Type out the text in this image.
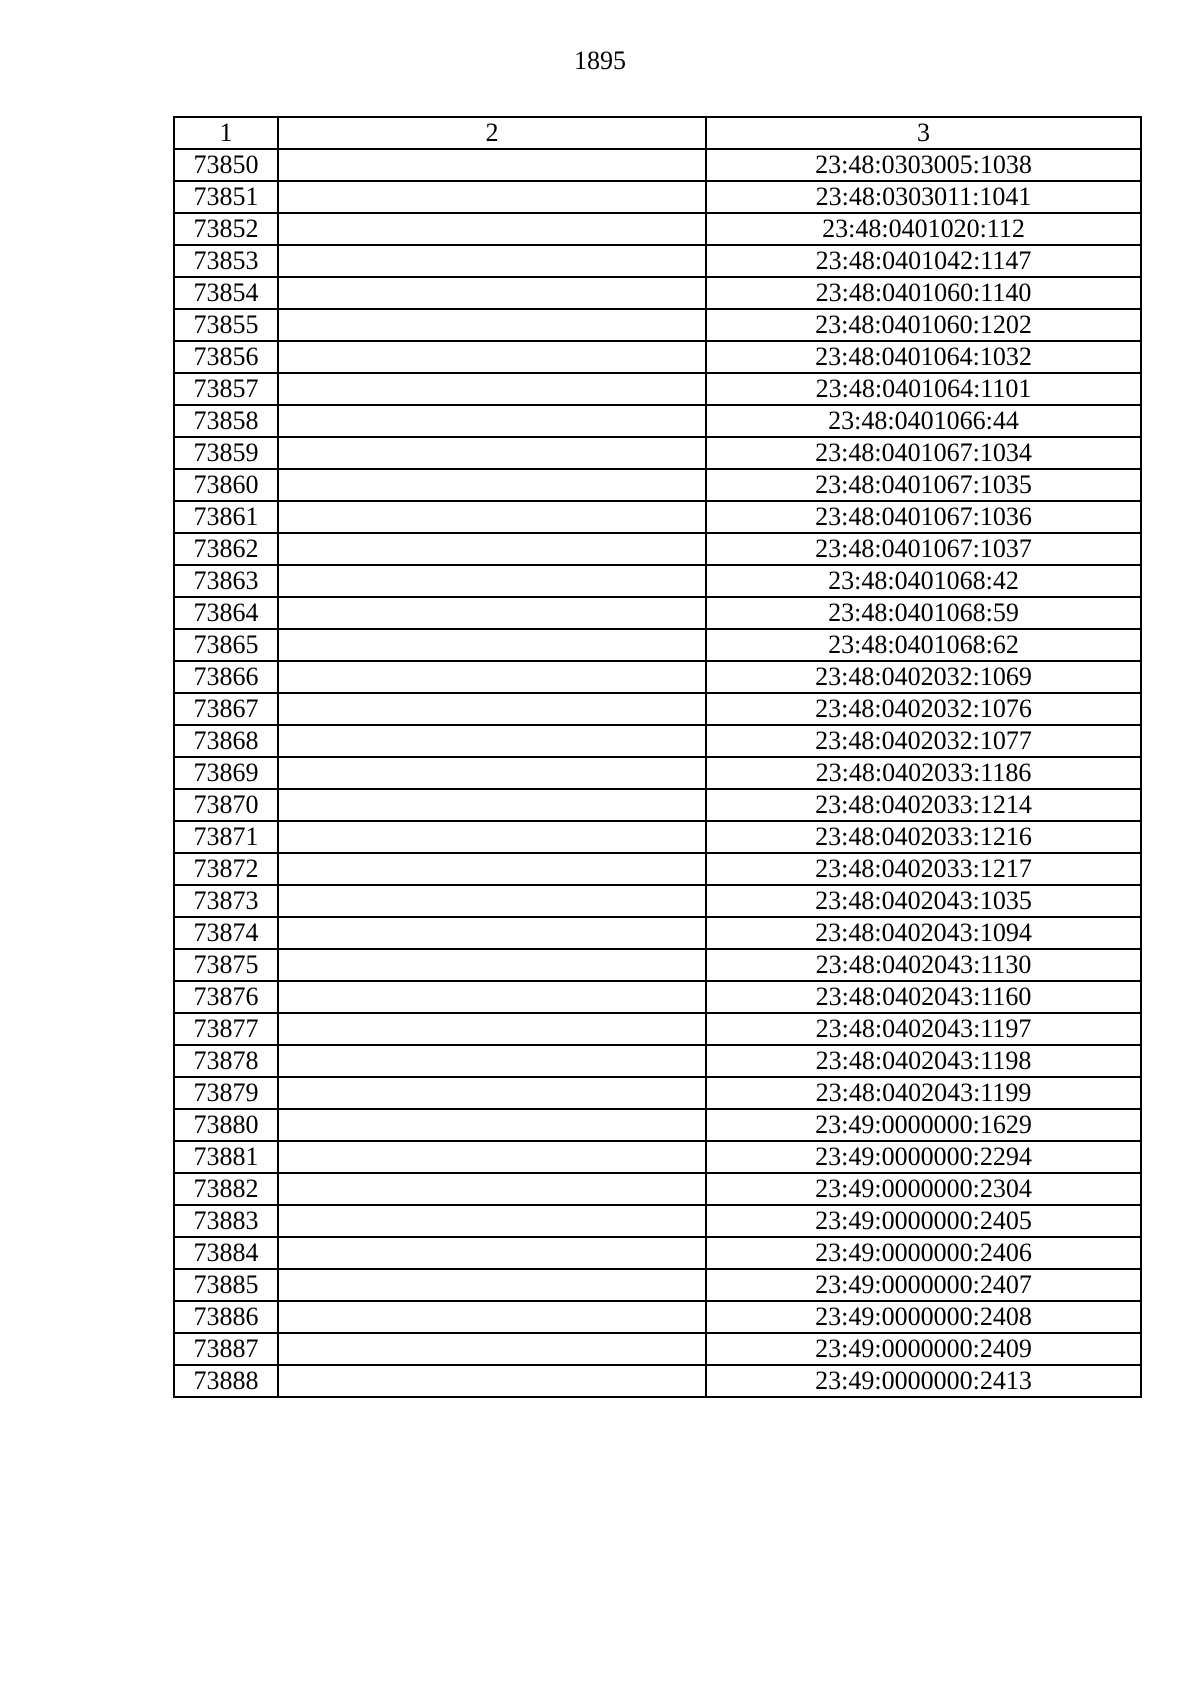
1895
1	2	3
73850		23:48:0303005:1038
73851		23:48:0303011:1041
73852		23:48:0401020:112
73853		23:48:0401042:1147
73854		23:48:0401060:1140
73855		23:48:0401060:1202
73856		23:48:0401064:1032
73857		23:48:0401064:1101
73858		23:48:0401066:44
73859		23:48:0401067:1034
73860		23:48:0401067:1035
73861		23:48:0401067:1036
73862		23:48:0401067:1037
73863		23:48:0401068:42
73864		23:48:0401068:59
73865		23:48:0401068:62
73866		23:48:0402032:1069
73867		23:48:0402032:1076
73868		23:48:0402032:1077
73869		23:48:0402033:1186
73870		23:48:0402033:1214
73871		23:48:0402033:1216
73872		23:48:0402033:1217
73873		23:48:0402043:1035
73874		23:48:0402043:1094
73875		23:48:0402043:1130
73876		23:48:0402043:1160
73877		23:48:0402043:1197
73878		23:48:0402043:1198
73879		23:48:0402043:1199
73880		23:49:0000000:1629
73881		23:49:0000000:2294
73882		23:49:0000000:2304
73883		23:49:0000000:2405
73884		23:49:0000000:2406
73885		23:49:0000000:2407
73886		23:49:0000000:2408
73887		23:49:0000000:2409
73888		23:49:0000000:2413
